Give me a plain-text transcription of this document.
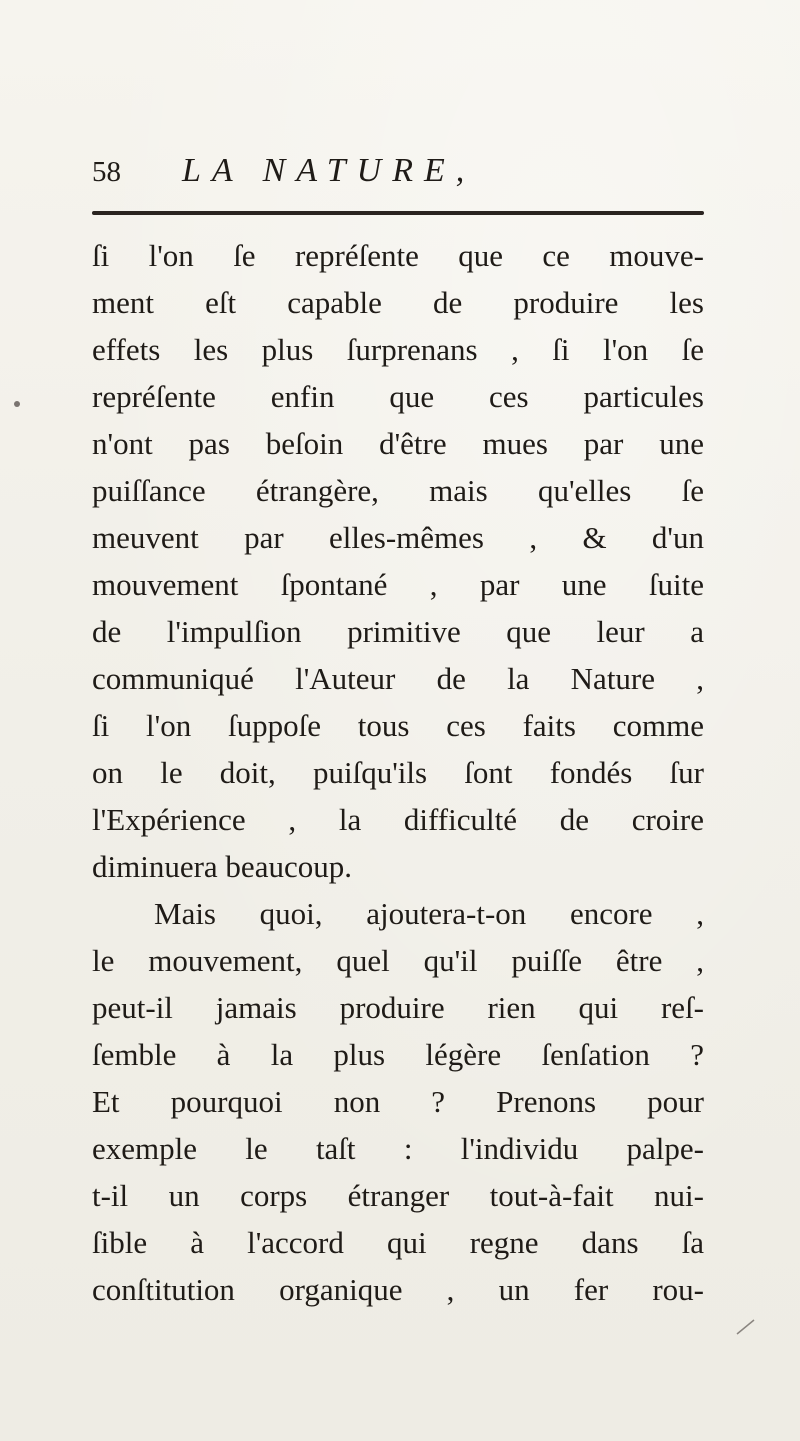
58 LA NATURE,
ſi l'on ſe repréſente que ce mouve-
ment eſt capable de produire les
effets les plus ſurprenans , ſi l'on ſe
repréſente enfin que ces particules
n'ont pas beſoin d'être mues par une
puiſſance étrangère, mais qu'elles ſe
meuvent par elles-mêmes , & d'un
mouvement ſpontané , par une ſuite
de l'impulſion primitive que leur a
communiqué l'Auteur de la Nature ,
ſi l'on ſuppoſe tous ces faits comme
on le doit, puiſqu'ils ſont fondés ſur
l'Expérience , la difficulté de croire
diminuera beaucoup.
Mais quoi, ajoutera-t-on encore ,
le mouvement, quel qu'il puiſſe être ,
peut-il jamais produire rien qui reſ-
ſemble à la plus légère ſenſation ?
Et pourquoi non ? Prenons pour
exemple le taſt : l'individu palpe-
t-il un corps étranger tout-à-fait nui-
ſible à l'accord qui regne dans ſa
conſtitution organique , un fer rou-
